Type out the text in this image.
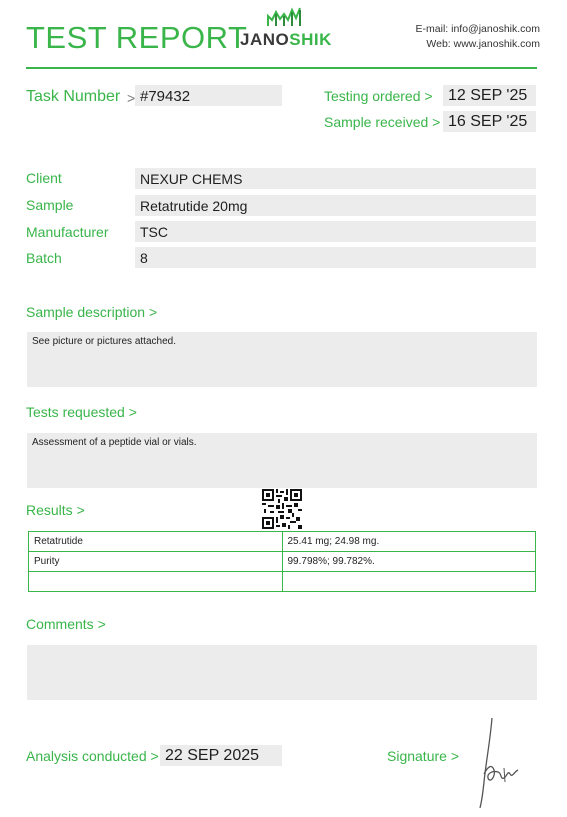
TEST REPORT
JANOSHIK
E-mail: info@janoshik.com
Web: www.janoshik.com
Task Number > #79432	Testing ordered > 12 SEP '25
Sample received > 16 SEP '25
Client	NEXUP CHEMS
Sample	Retatrutide 20mg
Manufacturer TSC
Batch	8
Sample description >
See picture or pictures attached.
Tests requested >
Assessment of a peptide vial or vials.
Results >
Retatrutide	25.41 mg; 24.98 mg.
Purity	99.798%; 99.782%.

Comments >
Analysis conducted > 22 SEP 2025	Signature >
